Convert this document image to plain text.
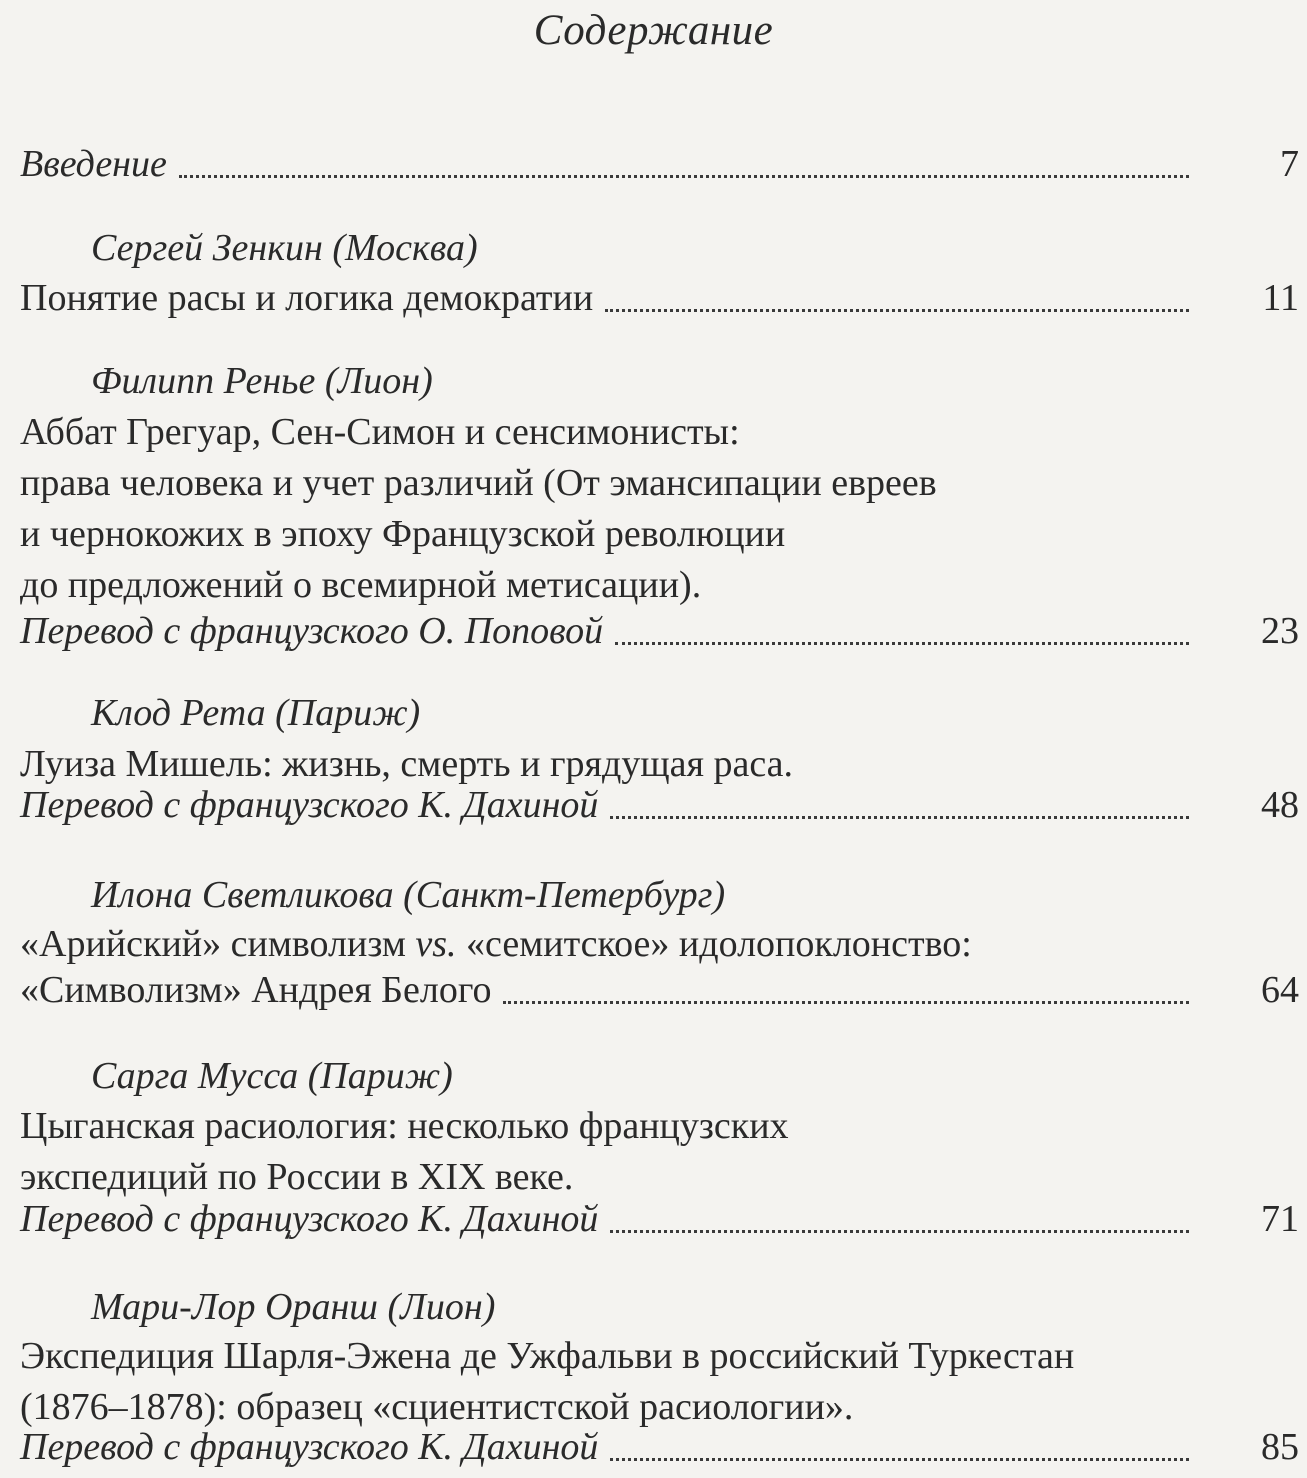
Содержание
Введение	7
Сергей Зенкин (Москва)
Понятие расы и логика демократии	11
Филипп Ренье (Лион)
Аббат Грегуар, Сен-Симон и сенсимонисты:
права человека и учет различий (От эмансипации евреев
и чернокожих в эпоху Французской революции
до предложений о всемирной метисации).
Перевод с французского О. Поповой	23
Клод Рета (Париж)
Луиза Мишель: жизнь, смерть и грядущая раса.
Перевод с французского К. Дахиной	48
Илона Светликова (Санкт-Петербург)
«Арийский» символизм vs. «семитское» идолопоклонство:
«Символизм» Андрея Белого	64
Сарга Мусса (Париж)
Цыганская расиология: несколько французских
экспедиций по России в XIX веке.
Перевод с французского К. Дахиной	71
Мари-Лор Оранш (Лион)
Экспедиция Шарля-Эжена де Ужфальви в российский Туркестан
(1876–1878): образец «сциентистской расиологии».
Перевод с французского К. Дахиной	85
